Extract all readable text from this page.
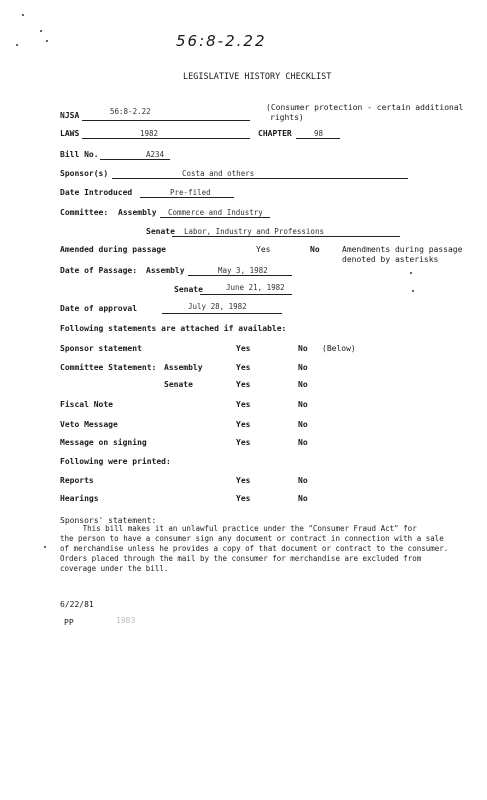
56:8-2.22
LEGISLATIVE HISTORY CHECKLIST
NJSA	56:8-2.22	(Consumer protection - certain additional
rights)
LAWS	1982	CHAPTER	98
Bill No.	A234
Sponsor(s)	Costa and others
Date Introduced	Pre-filed
Committee: Assembly Commerce and Industry
Senate Labor, Industry and Professions
Amended during passage	Yes	No	Amendments during passage
denoted by asterisks
Date of Passage: Assembly	May 3, 1982
Senate	June 21, 1982
Date of approval	July 28, 1982
Following statements are attached if available:
Sponsor statement	Yes	No (Below)
Committee Statement: Assembly	Yes	No
Senate	Yes	No
Fiscal Note	Yes	No
Veto Message	Yes	No
Message on signing	Yes	No
Following were printed:
Reports	Yes	No
Hearings	Yes	No
Sponsors' statement:
This bill makes it an unlawful practice under the "Consumer Fraud Act" for
the person to have a consumer sign any document or contract in connection with a sale
of merchandise unless he provides a copy of that document or contract to the consumer.
Orders placed through the mail by the consumer for merchandise are excluded from
coverage under the bill.
6/22/81
PP	1983
